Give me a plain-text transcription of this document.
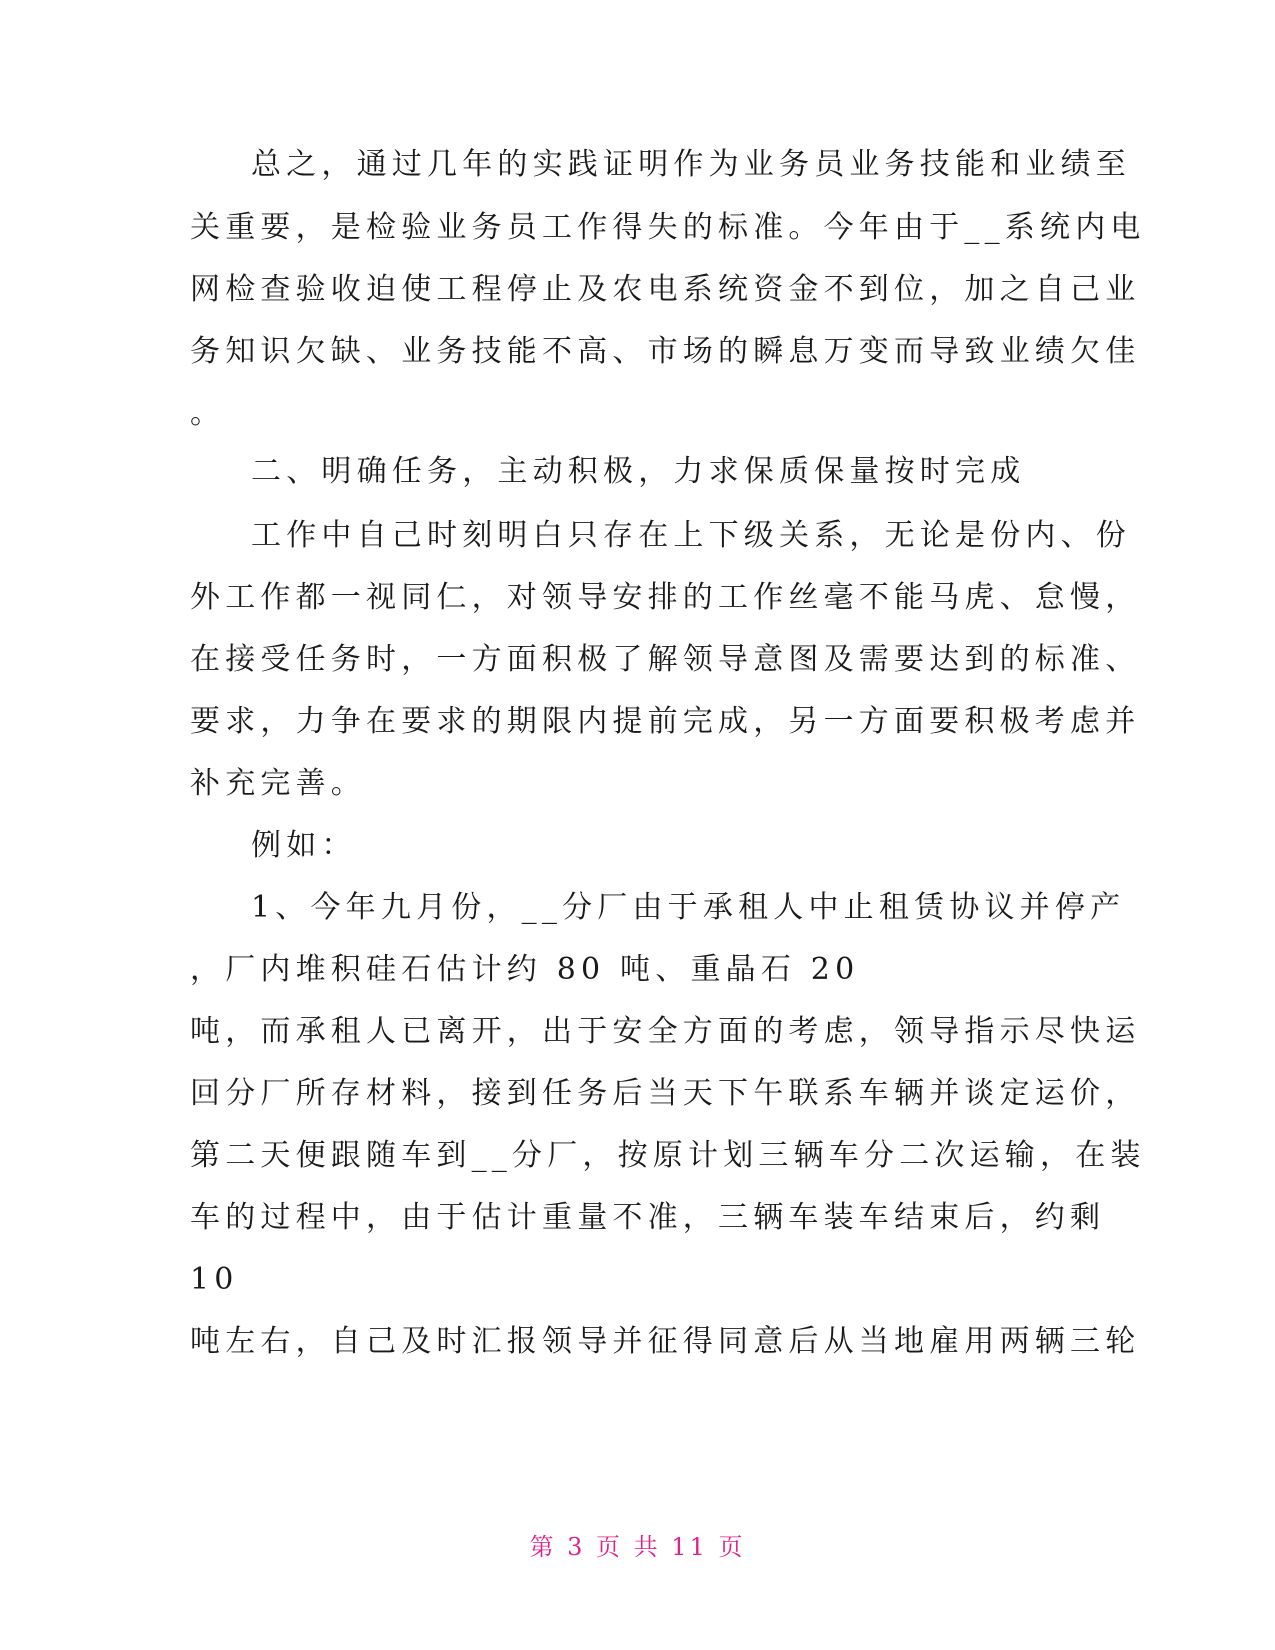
总之，通过几年的实践证明作为业务员业务技能和业绩至
关重要，是检验业务员工作得失的标准。今年由于__系统内电
网检查验收迫使工程停止及农电系统资金不到位，加之自己业
务知识欠缺、业务技能不高、市场的瞬息万变而导致业绩欠佳
。
二、明确任务，主动积极，力求保质保量按时完成
工作中自己时刻明白只存在上下级关系，无论是份内、份
外工作都一视同仁，对领导安排的工作丝毫不能马虎、怠慢，
在接受任务时，一方面积极了解领导意图及需要达到的标准、
要求，力争在要求的期限内提前完成，另一方面要积极考虑并
补充完善。
例如：
1、今年九月份，__分厂由于承租人中止租赁协议并停产
，厂内堆积硅石估计约 80 吨、重晶石 20
吨，而承租人已离开，出于安全方面的考虑，领导指示尽快运
回分厂所存材料，接到任务后当天下午联系车辆并谈定运价，
第二天便跟随车到__分厂，按原计划三辆车分二次运输，在装
车的过程中，由于估计重量不准，三辆车装车结束后，约剩
10
吨左右，自己及时汇报领导并征得同意后从当地雇用两辆三轮
第 3 页 共 11 页
